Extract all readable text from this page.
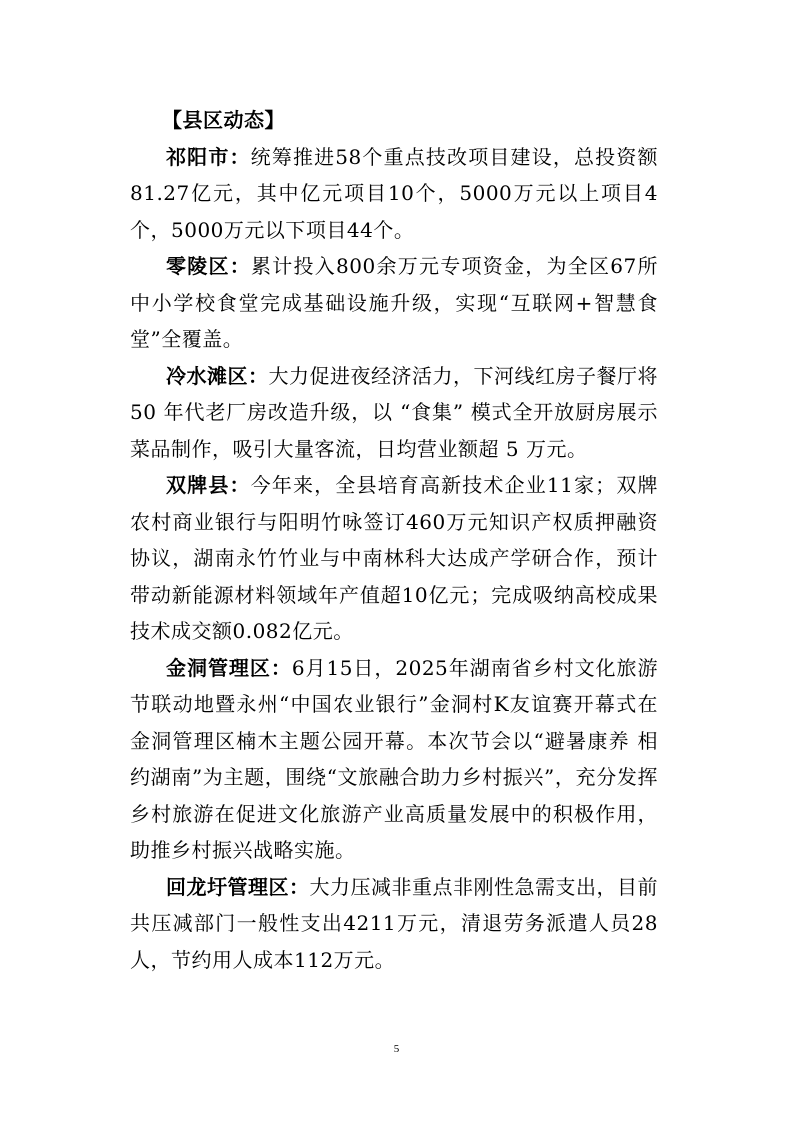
【县区动态】

祁阳市：统筹推进58个重点技改项目建设，总投资额81.27亿元，其中亿元项目10个，5000万元以上项目4个，5000万元以下项目44个。

零陵区：累计投入800余万元专项资金，为全区67所中小学校食堂完成基础设施升级，实现“互联网+智慧食堂”全覆盖。

冷水滩区：大力促进夜经济活力，下河线红房子餐厅将 50 年代老厂房改造升级，以 “食集” 模式全开放厨房展示菜品制作，吸引大量客流，日均营业额超 5 万元。

双牌县：今年来，全县培育高新技术企业11家；双牌农村商业银行与阳明竹咏签订460万元知识产权质押融资协议，湖南永竹竹业与中南林科大达成产学研合作，预计带动新能源材料领域年产值超10亿元；完成吸纳高校成果技术成交额0.082亿元。

金洞管理区：6月15日，2025年湖南省乡村文化旅游节联动地暨永州“中国农业银行”金洞村K友谊赛开幕式在金洞管理区楠木主题公园开幕。本次节会以“避暑康养 相约湖南”为主题，围绕“文旅融合助力乡村振兴”，充分发挥乡村旅游在促进文化旅游产业高质量发展中的积极作用，助推乡村振兴战略实施。

回龙圩管理区：大力压减非重点非刚性急需支出，目前共压减部门一般性支出4211万元，清退劳务派遣人员28人，节约用人成本112万元。

5
